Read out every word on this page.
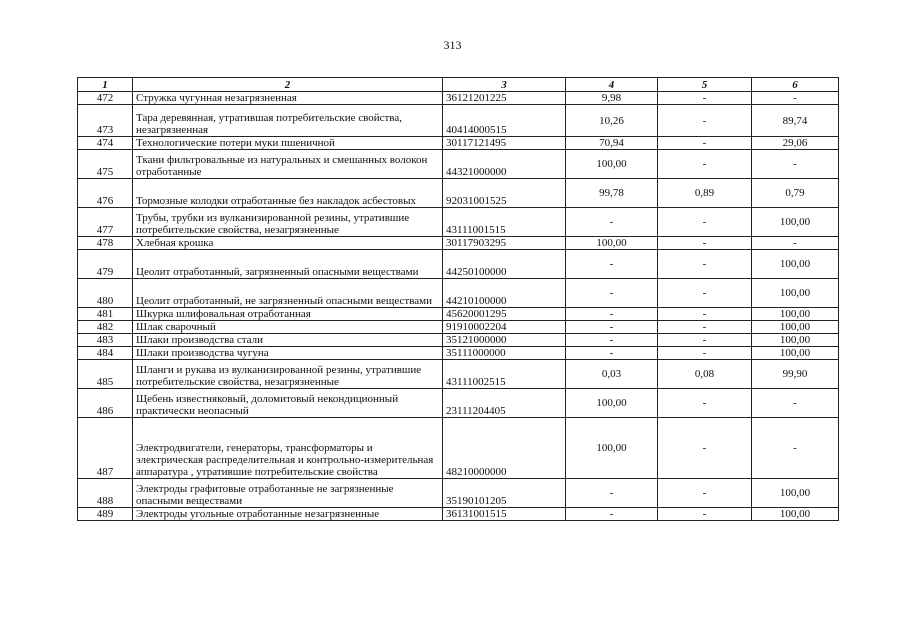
313
1	2	3	4	5	6
472	Стружка чугунная незагрязненная	36121201225	9,98	-	-
473	Тара деревянная, утратившая потребительские свойства, незагрязненная	40414000515	10,26	-	89,74
474	Технологические потери муки пшеничной	30117121495	70,94	-	29,06
475	Ткани фильтровальные из натуральных и смешанных волокон отработанные	44321000000	100,00	-	-
476	Тормозные колодки отработанные без накладок асбестовых	92031001525	99,78	0,89	0,79
477	Трубы, трубки из вулканизированной резины, утратившие потребительские свойства, незагрязненные	43111001515	-	-	100,00
478	Хлебная крошка	30117903295	100,00	-	-
479	Цеолит отработанный, загрязненный опасными веществами	44250100000	-	-	100,00
480	Цеолит отработанный, не загрязненный опасными веществами	44210100000	-	-	100,00
481	Шкурка шлифовальная отработанная	45620001295	-	-	100,00
482	Шлак сварочный	91910002204	-	-	100,00
483	Шлаки производства стали	35121000000	-	-	100,00
484	Шлаки производства чугуна	35111000000	-	-	100,00
485	Шланги и рукава из вулканизированной резины, утратившие потребительские свойства, незагрязненные	43111002515	0,03	0,08	99,90
486	Щебень известняковый, доломитовый некондиционный практически неопасный	23111204405	100,00	-	-
487	Электродвигатели, генераторы, трансформаторы и электрическая распределительная и контрольно-измерительная аппаратура , утратившие потребительские свойства	48210000000	100,00	-	-
488	Электроды графитовые отработанные не загрязненные опасными веществами	35190101205	-	-	100,00
489	Электроды угольные отработанные незагрязненные	36131001515	-	-	100,00
